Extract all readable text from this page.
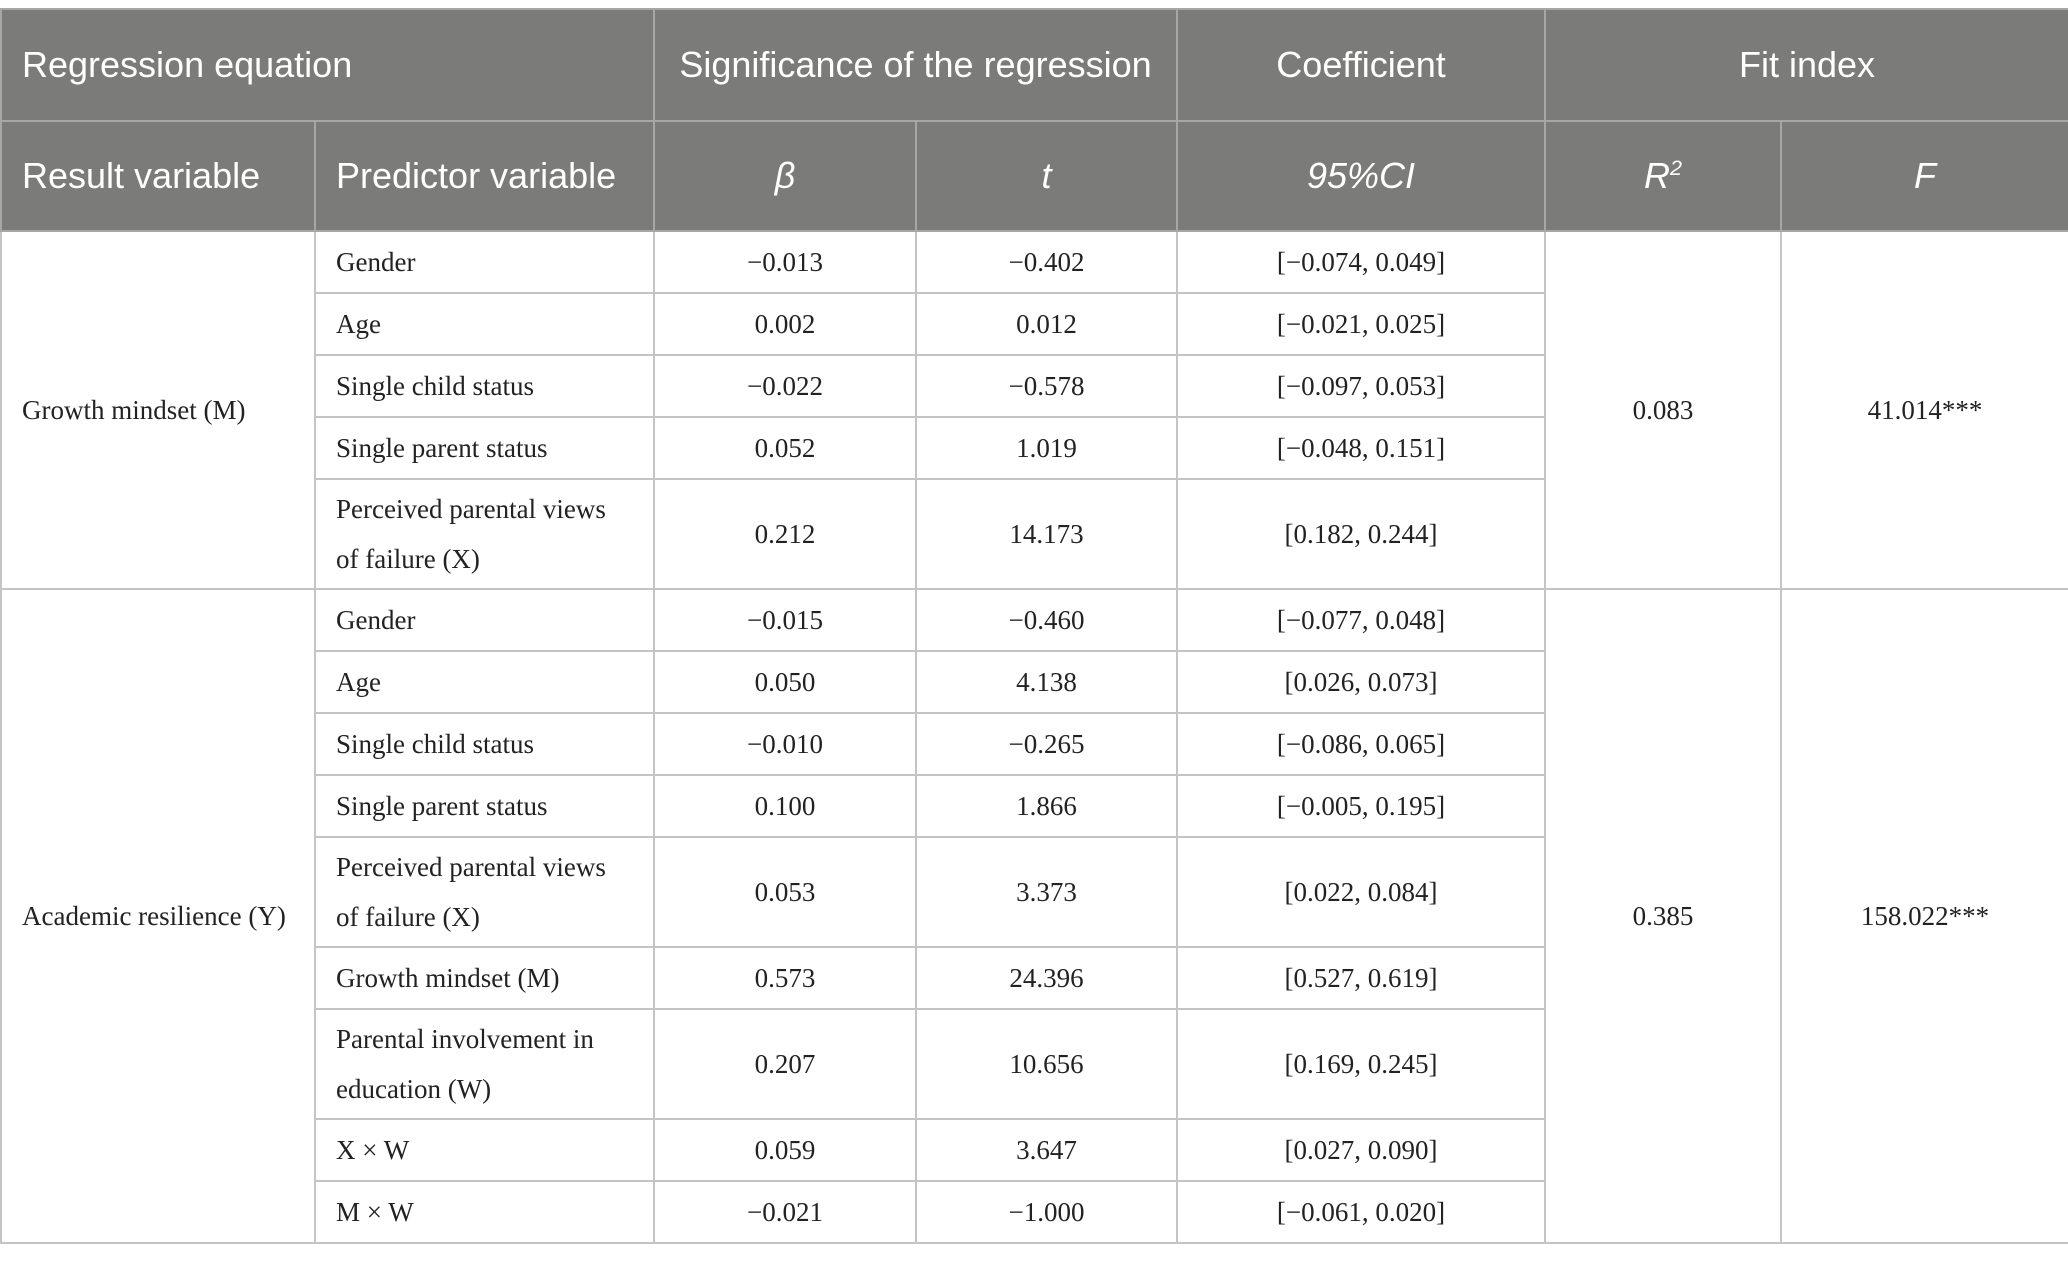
Regression equation		Significance of the regression		Coefficient	Fit index	
Result variable	Predictor variable	β	t	95%CI	$R^2$	F
Growth mindset (M)	Gender	−0.013	−0.402	[−0.074, 0.049]	0.083	41.014***
	Age	0.002	0.012	[−0.021, 0.025]		
	Single child status	−0.022	−0.578	[−0.097, 0.053]		
	Single parent status	0.052	1.019	[−0.048, 0.151]		
	Perceived parental views of failure (X)	0.212	14.173	[0.182, 0.244]		
Academic resilience (Y)	Gender	−0.015	−0.460	[−0.077, 0.048]	0.385	158.022***
	Age	0.050	4.138	[0.026, 0.073]		
	Single child status	−0.010	−0.265	[−0.086, 0.065]		
	Single parent status	0.100	1.866	[−0.005, 0.195]		
	Perceived parental views of failure (X)	0.053	3.373	[0.022, 0.084]		
	Growth mindset (M)	0.573	24.396	[0.527, 0.619]		
	Parental involvement in education (W)	0.207	10.656	[0.169, 0.245]		
	X × W	0.059	3.647	[0.027, 0.090]		
	M × W	−0.021	−1.000	[−0.061, 0.020]		
